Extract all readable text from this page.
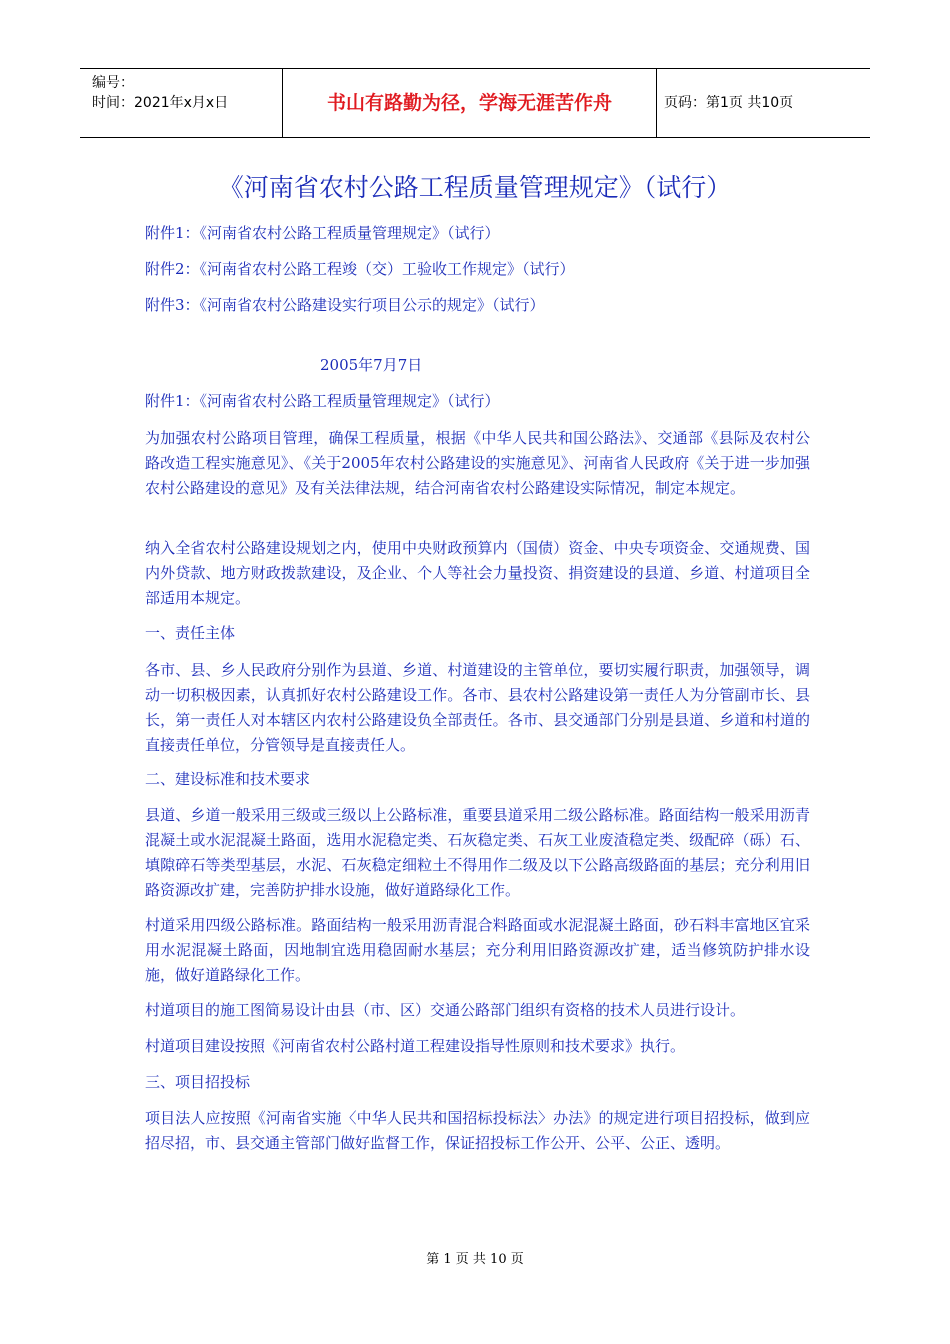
编号：
时间：2021年x月x日	书山有路勤为径，学海无涯苦作舟	页码：第1页 共10页
《河南省农村公路工程质量管理规定》（试行）
附件1：《河南省农村公路工程质量管理规定》（试行）
附件2：《河南省农村公路工程竣（交）工验收工作规定》（试行）
附件3：《河南省农村公路建设实行项目公示的规定》（试行）
2005年7月7日
附件1：《河南省农村公路工程质量管理规定》（试行）
为加强农村公路项目管理，确保工程质量，根据《中华人民共和国公路法》、交通部《县际及农村公路改造工程实施意见》、《关于2005年农村公路建设的实施意见》、河南省人民政府《关于进一步加强农村公路建设的意见》及有关法律法规，结合河南省农村公路建设实际情况，制定本规定。
纳入全省农村公路建设规划之内，使用中央财政预算内（国债）资金、中央专项资金、交通规费、国内外贷款、地方财政拨款建设，及企业、个人等社会力量投资、捐资建设的县道、乡道、村道项目全部适用本规定。
一、责任主体
各市、县、乡人民政府分别作为县道、乡道、村道建设的主管单位，要切实履行职责，加强领导，调动一切积极因素，认真抓好农村公路建设工作。各市、县农村公路建设第一责任人为分管副市长、县长，第一责任人对本辖区内农村公路建设负全部责任。各市、县交通部门分别是县道、乡道和村道的直接责任单位，分管领导是直接责任人。
二、建设标准和技术要求
县道、乡道一般采用三级或三级以上公路标准，重要县道采用二级公路标准。路面结构一般采用沥青混凝土或水泥混凝土路面，选用水泥稳定类、石灰稳定类、石灰工业废渣稳定类、级配碎（砾）石、填隙碎石等类型基层，水泥、石灰稳定细粒土不得用作二级及以下公路高级路面的基层；充分利用旧路资源改扩建，完善防护排水设施，做好道路绿化工作。
村道采用四级公路标准。路面结构一般采用沥青混合料路面或水泥混凝土路面，砂石料丰富地区宜采用水泥混凝土路面，因地制宜选用稳固耐水基层；充分利用旧路资源改扩建，适当修筑防护排水设施，做好道路绿化工作。
村道项目的施工图简易设计由县（市、区）交通公路部门组织有资格的技术人员进行设计。
村道项目建设按照《河南省农村公路村道工程建设指导性原则和技术要求》执行。
三、项目招投标
项目法人应按照《河南省实施〈中华人民共和国招标投标法〉办法》的规定进行项目招投标，做到应招尽招，市、县交通主管部门做好监督工作，保证招投标工作公开、公平、公正、透明。
第 1 页 共 10 页
